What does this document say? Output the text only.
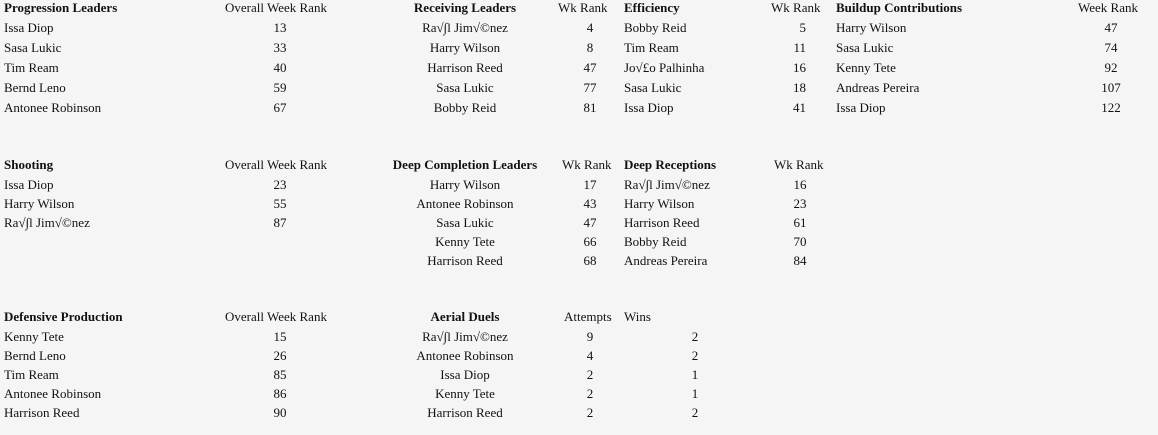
Progression Leaders	Overall Week Rank
Issa Diop	13
Sasa Lukic	33
Tim Ream	40
Bernd Leno	59
Antonee Robinson	67
Receiving Leaders	Wk Rank
Ra√∫l Jim√©nez	4
Harry Wilson	8
Harrison Reed	47
Sasa Lukic	77
Bobby Reid	81
Efficiency	Wk Rank
Bobby Reid	5
Tim Ream	11
Jo√£o Palhinha	16
Sasa Lukic	18
Issa Diop	41
Buildup Contributions	Week Rank
Harry Wilson	47
Sasa Lukic	74
Kenny Tete	92
Andreas Pereira	107
Issa Diop	122
Shooting	Overall Week Rank
Issa Diop	23
Harry Wilson	55
Ra√∫l Jim√©nez	87
Deep Completion Leaders	Wk Rank
Harry Wilson	17
Antonee Robinson	43
Sasa Lukic	47
Kenny Tete	66
Harrison Reed	68
Deep Receptions	Wk Rank
Ra√∫l Jim√©nez	16
Harry Wilson	23
Harrison Reed	61
Bobby Reid	70
Andreas Pereira	84
Defensive Production	Overall Week Rank
Kenny Tete	15
Bernd Leno	26
Tim Ream	85
Antonee Robinson	86
Harrison Reed	90
Aerial Duels	Attempts Wins
Ra√∫l Jim√©nez	9	2
Antonee Robinson	4	2
Issa Diop	2	1
Kenny Tete	2	1
Harrison Reed	2	2
